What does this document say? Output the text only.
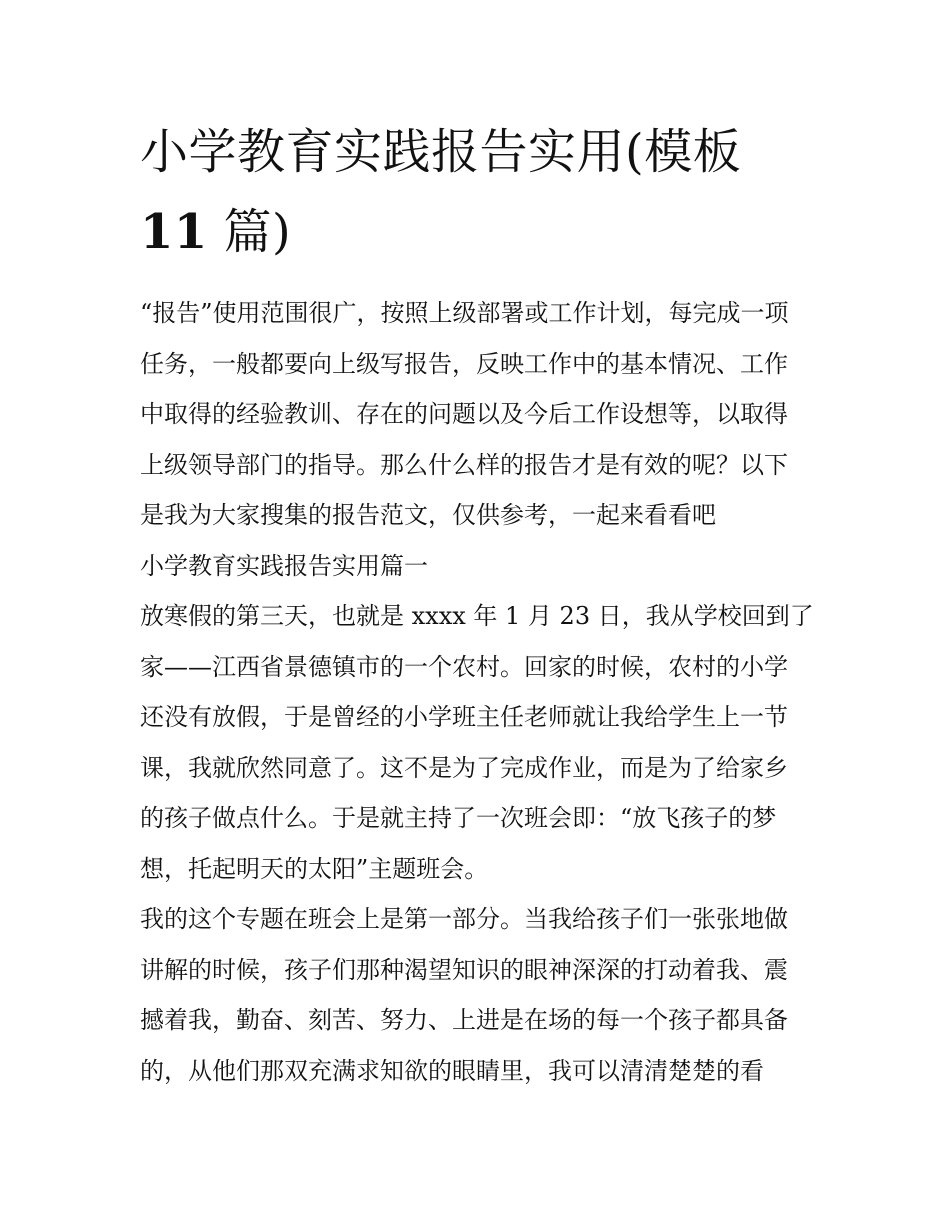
小学教育实践报告实用(模板
11 篇)

“报告”使用范围很广，按照上级部署或工作计划，每完成一项
任务，一般都要向上级写报告，反映工作中的基本情况、工作
中取得的经验教训、存在的问题以及今后工作设想等，以取得
上级领导部门的指导。那么什么样的报告才是有效的呢？以下
是我为大家搜集的报告范文，仅供参考，一起来看看吧

小学教育实践报告实用篇一

放寒假的第三天，也就是 xxxx 年 1 月 23 日，我从学校回到了
家——江西省景德镇市的一个农村。回家的时候，农村的小学
还没有放假，于是曾经的小学班主任老师就让我给学生上一节
课，我就欣然同意了。这不是为了完成作业，而是为了给家乡
的孩子做点什么。于是就主持了一次班会即：“放飞孩子的梦
想，托起明天的太阳”主题班会。

我的这个专题在班会上是第一部分。当我给孩子们一张张地做
讲解的时候，孩子们那种渴望知识的眼神深深的打动着我、震
撼着我，勤奋、刻苦、努力、上进是在场的每一个孩子都具备
的，从他们那双充满求知欲的眼睛里，我可以清清楚楚的看
